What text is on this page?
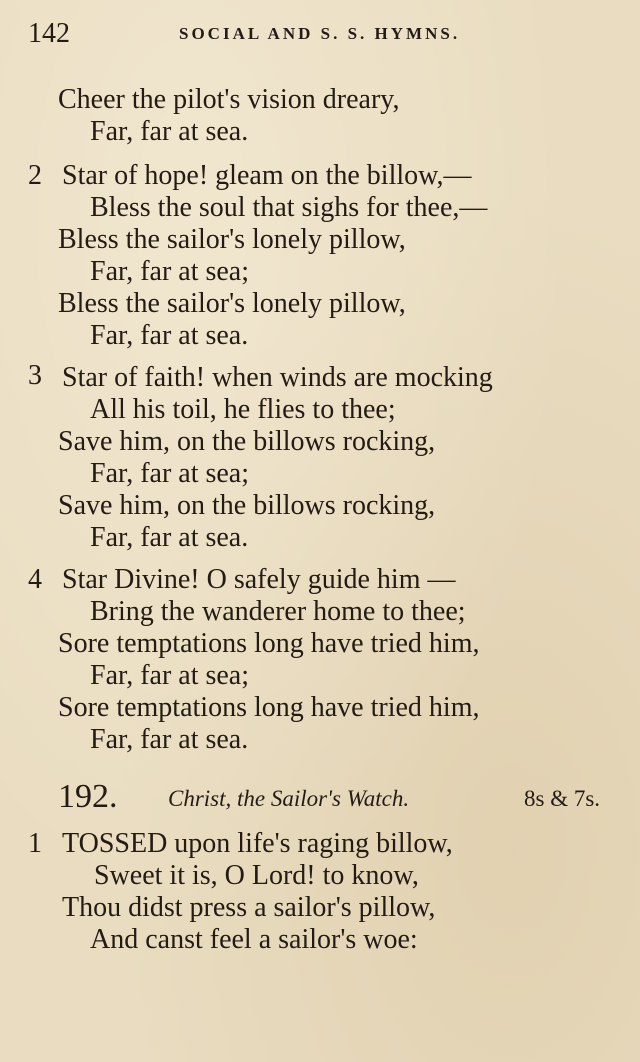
142	SOCIAL AND S. S. HYMNS.
Cheer the pilot's vision dreary,
Far, far at sea.
2 Star of hope! gleam on the billow,—
Bless the soul that sighs for thee,—
Bless the sailor's lonely pillow,
Far, far at sea;
Bless the sailor's lonely pillow,
Far, far at sea.
3 Star of faith! when winds are mocking
All his toil, he flies to thee;
Save him, on the billows rocking,
Far, far at sea;
Save him, on the billows rocking,
Far, far at sea.
4 Star Divine! O safely guide him —
Bring the wanderer home to thee;
Sore temptations long have tried him,
Far, far at sea;
Sore temptations long have tried him,
Far, far at sea.
192. Christ, the Sailor's Watch.	8s & 7s.
1 TOSSED upon life's raging billow,
Sweet it is, O Lord! to know,
Thou didst press a sailor's pillow,
And canst feel a sailor's woe:
